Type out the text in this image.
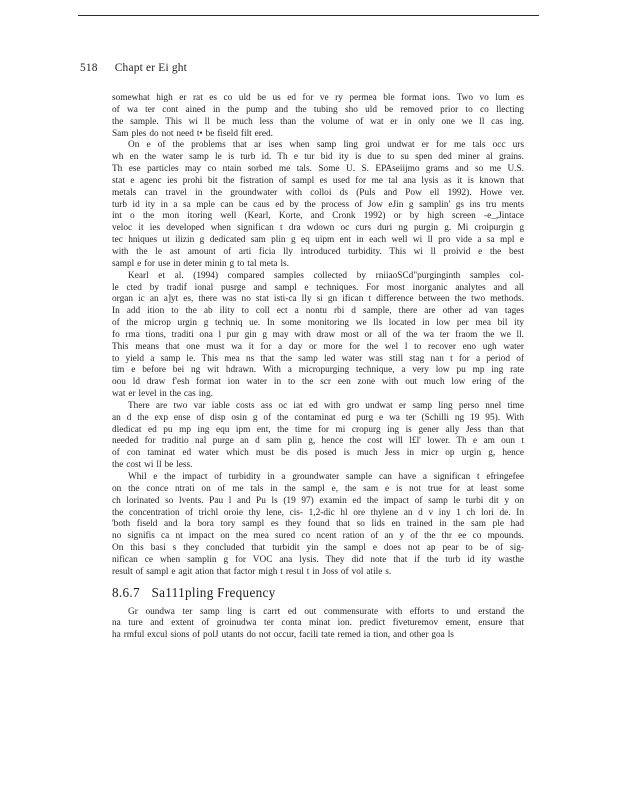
518 Chapt er Ei ght
somewhat high er rat es co uld be us ed for ve ry permea ble format ions. Two vo lum es
of wa ter cont ained in the pump and the tubing sho uld be removed prior to co llecting
the sample. This wi ll be much less than the volume of wat er in only one we ll cas ing.
Sam ples do not need t• be fiseld filt ered.
On e of the problems that ar ises when samp ling groi undwat er for me tals occ urs
wh en the water samp le is turb id. Th e tur bid ity is due to su spen ded miner al grains.
Th ese particles may co ntain sorbed me tals. Some U. S. EPAseiijmo grams and so me U.S.
stat e agenc ies prohi bit the fistration of sampl es used for me tal ana lysis as it is known that
metals can travel in the groundwater with colloi ds (Puls and Pow ell 1992). Howe ver.
turb id ity in a sa mple can be caus ed by the process of Jow eJin g samplin' gs ins tru ments
int o the mon itoring well (Kearl, Korte, and Cronk 1992) or by high screen -e_,Jintace
veloc it ies developed when significan t dra wdown oc curs duri ng purgin g. Mi croipurgin g
tec hniques ut ilizin g dedicated sam plin g eq uipm ent in each well wi ll pro vide a sa mpl e
with the le ast amount of arti ficia lly introduced turbidity. This wi ll proivid e the best
sampl e for use in deter minin g to tal meta ls.
Kearl et al. (1994) compared samples collected by rniiaoSCd"purginginth samples col-
le cted by tradif ional pusrge and sampl e techniques. For most inorganic analytes and all
organ ic an a]yt es, there was no stat isti-ca lly si gn ifican t difference between the two methods.
In add ition to the ab ility to coll ect a nontu rbi d sample, there are other ad van tages
of the microp urgin g techniq ue. In some monitoring we lls located in low per mea bil ity
fo rma tions, traditi ona l pur gin g may with draw most or all of the wa ter fraom the we ll.
This means that one must wa it for a day or more for the wel l to recover eno ugh water
to yield a samp le. This mea ns that the samp led water was still stag nan t for a period of
tim e before bei ng wit hdrawn. With a micropurging technique, a very low pu mp ing rate
oou ld draw f'esh format ion water in to the scr een zone with out much low ering of the
wat er level in the cas ing.
There are two var iable costs ass oc iat ed with gro undwat er samp ling perso nnel time
an d the exp ense of disp osin g of the contaminat ed purg e wa ter (Schilli ng 19 95). With
dledicat ed pu mp ing equ ipm ent, the time for mi cropurg ing is gener ally Jess than that
needed for traditio nal purge an d sam plin g, hence the cost will l£l' lower. Th e am oun t
of con taminat ed water which must be dis posed is much Jess in micr op urgin g, hence
the cost wi ll be less.
Whil e the impact of turbidity in a groundwater sample can have a significan t efringefee
on the conce ntrati on of me tals in the sampl e, the sam e is not true for at least some
ch lorinated so lvents. Pau l and Pu ls (19 97) examin ed the impact of samp le turbi dit y on
the concentration of trichl oroie thy lene, cis- 1,2-dic hl ore thylene an d v iny 1 ch lori de. In
'both fiseld and la bora tory sampl es they found that so lids en trained in the sam ple had
no signifis ca nt impact on the mea sured co ncent ration of an y of the thr ee co mpounds.
On this basi s they concluded that turbidit yin the sampl e does not ap pear to be of sig-
nifican ce when samplin g for VOC ana lysis. They did note that if the turb id ity wasthe
result of sampl e agit ation that factor migh t resul t in Joss of vol atile s.
8.6.7 Sa111pling Frequency
Gr oundwa ter samp ling is carrt ed out commensurate with efforts to und erstand the
na ture and extent of groinudwa ter conta minat ion. predict fiveturemov ement, ensure that
ha rmful excul sions of polJ utants do not occur, facili tate remed ia tion, and other goa ls
